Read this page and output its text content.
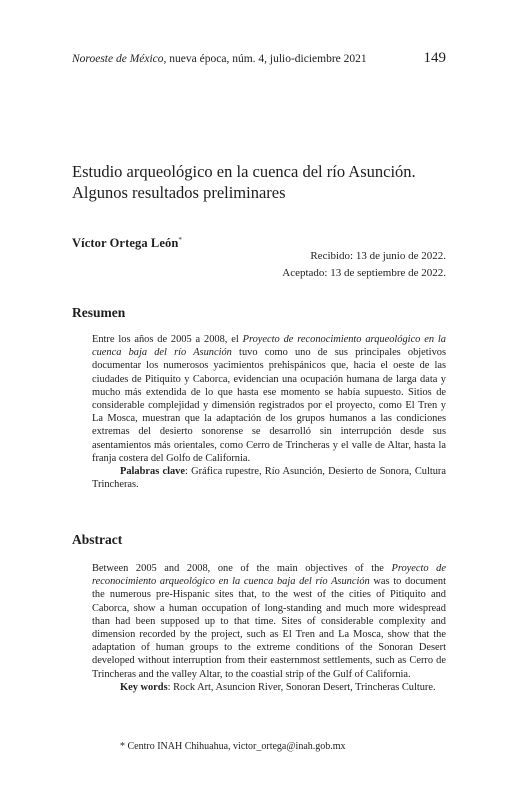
Noroeste de México, nueva época, núm. 4, julio-diciembre 2021	149
Estudio arqueológico en la cuenca del río Asunción.
Algunos resultados preliminares
Víctor Ortega León*
Recibido: 13 de junio de 2022.
Aceptado: 13 de septiembre de 2022.
Resumen

Entre los años de 2005 a 2008, el Proyecto de reconocimiento arqueológico en la cuenca baja del río Asunción tuvo como uno de sus principales objetivos documentar los numerosos yacimientos prehispánicos que, hacia el oeste de las ciudades de Pitiquito y Caborca, evidencian una ocupación humana de larga data y mucho más extendida de lo que hasta ese momento se había supuesto. Sitios de considerable complejidad y dimensión registrados por el proyecto, como El Tren y La Mosca, muestran que la adaptación de los grupos humanos a las condiciones extremas del desierto sonorense se desarrolló sin interrupción desde sus asentamientos más orientales, como Cerro de Trincheras y el valle de Altar, hasta la franja costera del Golfo de California.

Palabras clave: Gráfica rupestre, Río Asunción, Desierto de Sonora, Cultura Trincheras.

Abstract

Between 2005 and 2008, one of the main objectives of the Proyecto de reconocimiento arqueológico en la cuenca baja del río Asunción was to document the numerous pre-Hispanic sites that, to the west of the cities of Pitiquito and Caborca, show a human occupation of long-standing and much more widespread than had been supposed up to that time. Sites of considerable complexity and dimension recorded by the project, such as El Tren and La Mosca, show that the adaptation of human groups to the extreme conditions of the Sonoran Desert developed without interruption from their easternmost settlements, such as Cerro de Trincheras and the valley Altar, to the coastial strip of the Gulf of California.

Key words: Rock Art, Asuncion River, Sonoran Desert, Trincheras Culture.

* Centro INAH Chihuahua, victor_ortega@inah.gob.mx
